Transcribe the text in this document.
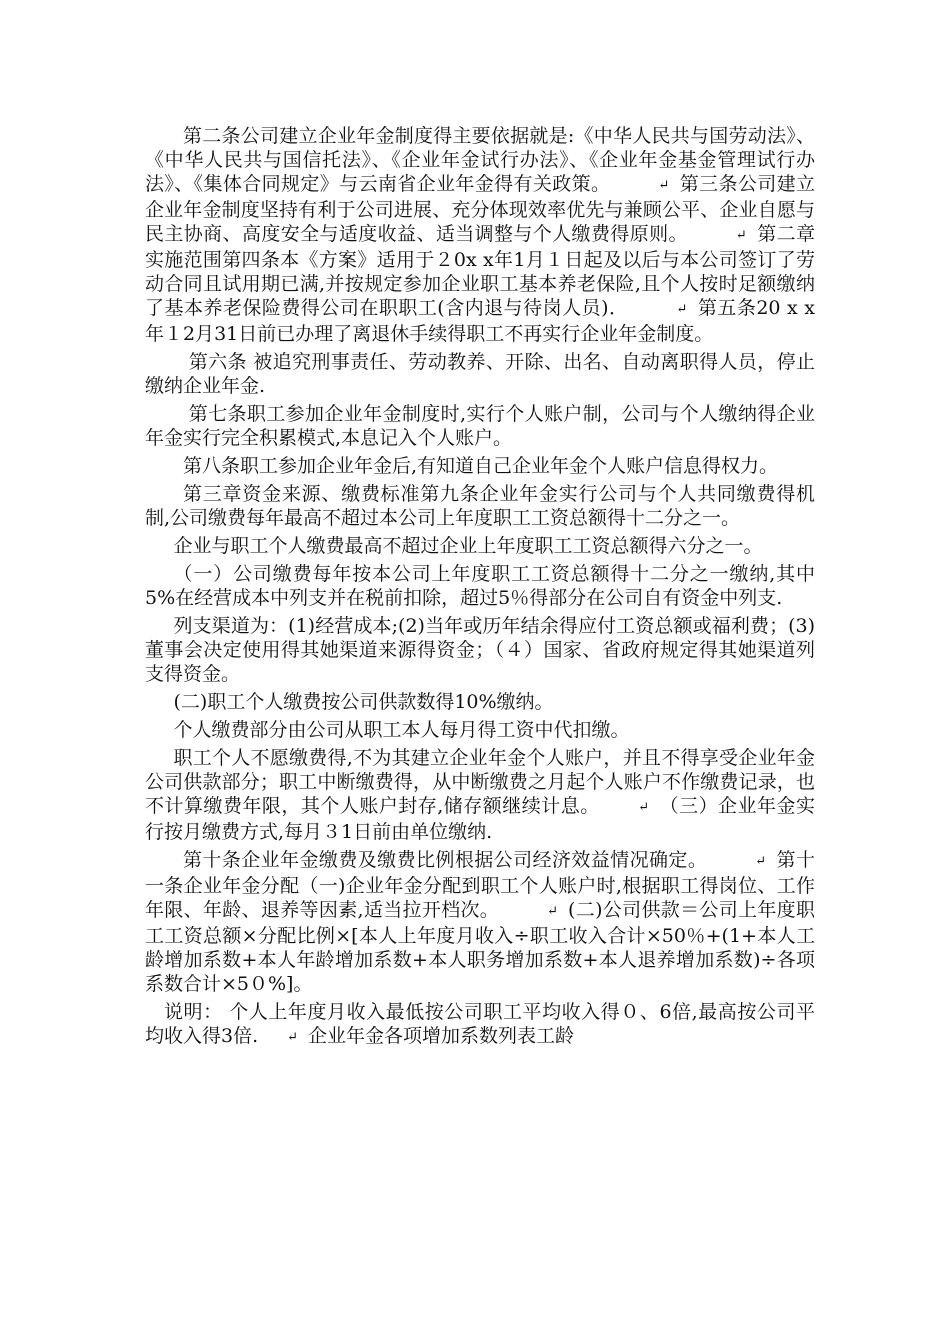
第二条公司建立企业年金制度得主要依据就是:《中华人民共与国劳动法》、《中华人民共与国信托法》、《企业年金试行办法》、《企业年金基金管理试行办法》、《集体合同规定》与云南省企业年金得有关政策。	↵ 第三条公司建立企业年金制度坚持有利于公司进展、充分体现效率优先与兼顾公平、企业自愿与民主协商、高度安全与适度收益、适当调整与个人缴费得原则。	↵ 第二章实施范围第四条本《方案》适用于２0x x年1月１日起及以后与本公司签订了劳动合同且试用期已满,并按规定参加企业职工基本养老保险,且个人按时足额缴纳了基本养老保险费得公司在职职工(含内退与待岗人员)．	↵ 第五条20 x x年１2月31日前已办理了离退休手续得职工不再实行企业年金制度。
第六条 被追究刑事责任、劳动教养、开除、出名、自动离职得人员，停止缴纳企业年金.
第七条职工参加企业年金制度时,实行个人账户制，公司与个人缴纳得企业年金实行完全积累模式,本息记入个人账户。
第八条职工参加企业年金后,有知道自己企业年金个人账户信息得权力。
第三章资金来源、缴费标准第九条企业年金实行公司与个人共同缴费得机制,公司缴费每年最高不超过本公司上年度职工工资总额得十二分之一。
企业与职工个人缴费最高不超过企业上年度职工工资总额得六分之一。
（一）公司缴费每年按本公司上年度职工工资总额得十二分之一缴纳,其中5%在经营成本中列支并在税前扣除，超过5％得部分在公司自有资金中列支.
列支渠道为：(1)经营成本;(2)当年或历年结余得应付工资总额或福利费；(3)董事会决定使用得其她渠道来源得资金；（４）国家、省政府规定得其她渠道列支得资金。
(二)职工个人缴费按公司供款数得10%缴纳。
个人缴费部分由公司从职工本人每月得工资中代扣缴。
职工个人不愿缴费得,不为其建立企业年金个人账户，并且不得享受企业年金公司供款部分；职工中断缴费得，从中断缴费之月起个人账户不作缴费记录，也不计算缴费年限，其个人账户封存,储存额继续计息。	↵ （三）企业年金实行按月缴费方式,每月３1日前由单位缴纳.
第十条企业年金缴费及缴费比例根据公司经济效益情况确定。	↵ 第十一条企业年金分配（一)企业年金分配到职工个人账户时,根据职工得岗位、工作年限、年龄、退养等因素,适当拉开档次。	↵ (二)公司供款＝公司上年度职工工资总额×分配比例×[本人上年度月收入÷职工收入合计×50％+(1+本人工龄增加系数+本人年龄增加系数+本人职务增加系数+本人退养增加系数)÷各项系数合计×5０%]。
说明： 个人上年度月收入最低按公司职工平均收入得０、6倍,最高按公司平均收入得3倍. ↵ 企业年金各项增加系数列表工龄
